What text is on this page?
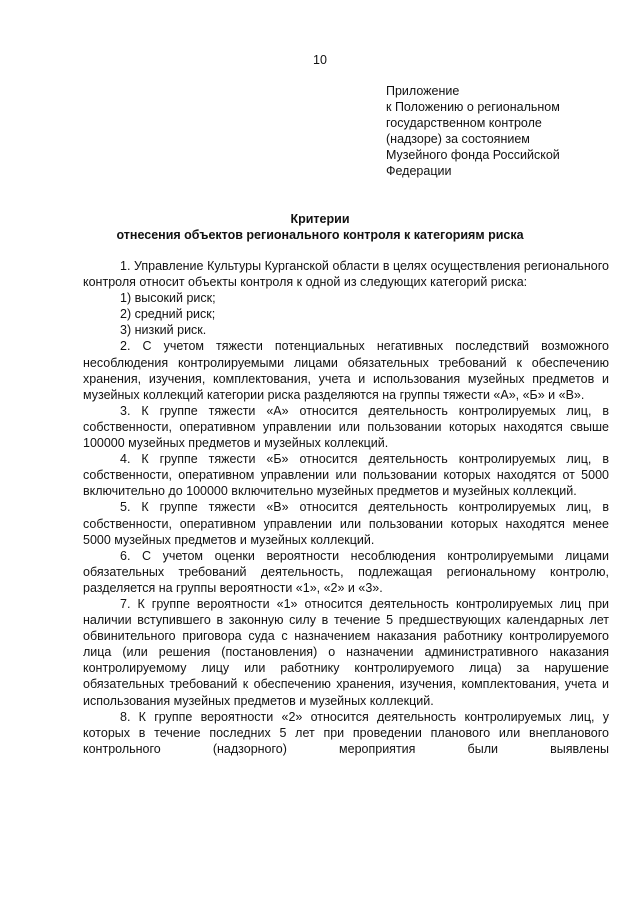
10
Приложение
к Положению о региональном
государственном контроле
(надзоре) за состоянием
Музейного фонда Российской
Федерации
Критерии
отнесения объектов регионального контроля к категориям риска

1. Управление Культуры Курганской области в целях осуществления регионального контроля относит объекты контроля к одной из следующих категорий риска:

1) высокий риск;

2) средний риск;

3) низкий риск.

2. С учетом тяжести потенциальных негативных последствий возможного несоблюдения контролируемыми лицами обязательных требований к обеспечению хранения, изучения, комплектования, учета и использования музейных предметов и музейных коллекций категории риска разделяются на группы тяжести «А», «Б» и «В».

3. К группе тяжести «А» относится деятельность контролируемых лиц, в собственности, оперативном управлении или пользовании которых находятся свыше 100000 музейных предметов и музейных коллекций.

4. К группе тяжести «Б» относится деятельность контролируемых лиц, в собственности, оперативном управлении или пользовании которых находятся от 5000 включительно до 100000 включительно музейных предметов и музейных коллекций.

5. К группе тяжести «В» относится деятельность контролируемых лиц, в собственности, оперативном управлении или пользовании которых находятся менее 5000 музейных предметов и музейных коллекций.

6. С учетом оценки вероятности несоблюдения контролируемыми лицами обязательных требований деятельность, подлежащая региональному контролю, разделяется на группы вероятности «1», «2» и «3».

7. К группе вероятности «1» относится деятельность контролируемых лиц при наличии вступившего в законную силу в течение 5 предшествующих календарных лет обвинительного приговора суда с назначением наказания работнику контролируемого лица (или решения (постановления) о назначении административного наказания контролируемому лицу или работнику контролируемого лица) за нарушение обязательных требований к обеспечению хранения, изучения, комплектования, учета и использования музейных предметов и музейных коллекций.

8. К группе вероятности «2» относится деятельность контролируемых лиц, у которых в течение последних 5 лет при проведении планового или внепланового контрольного (надзорного) мероприятия были выявлены
